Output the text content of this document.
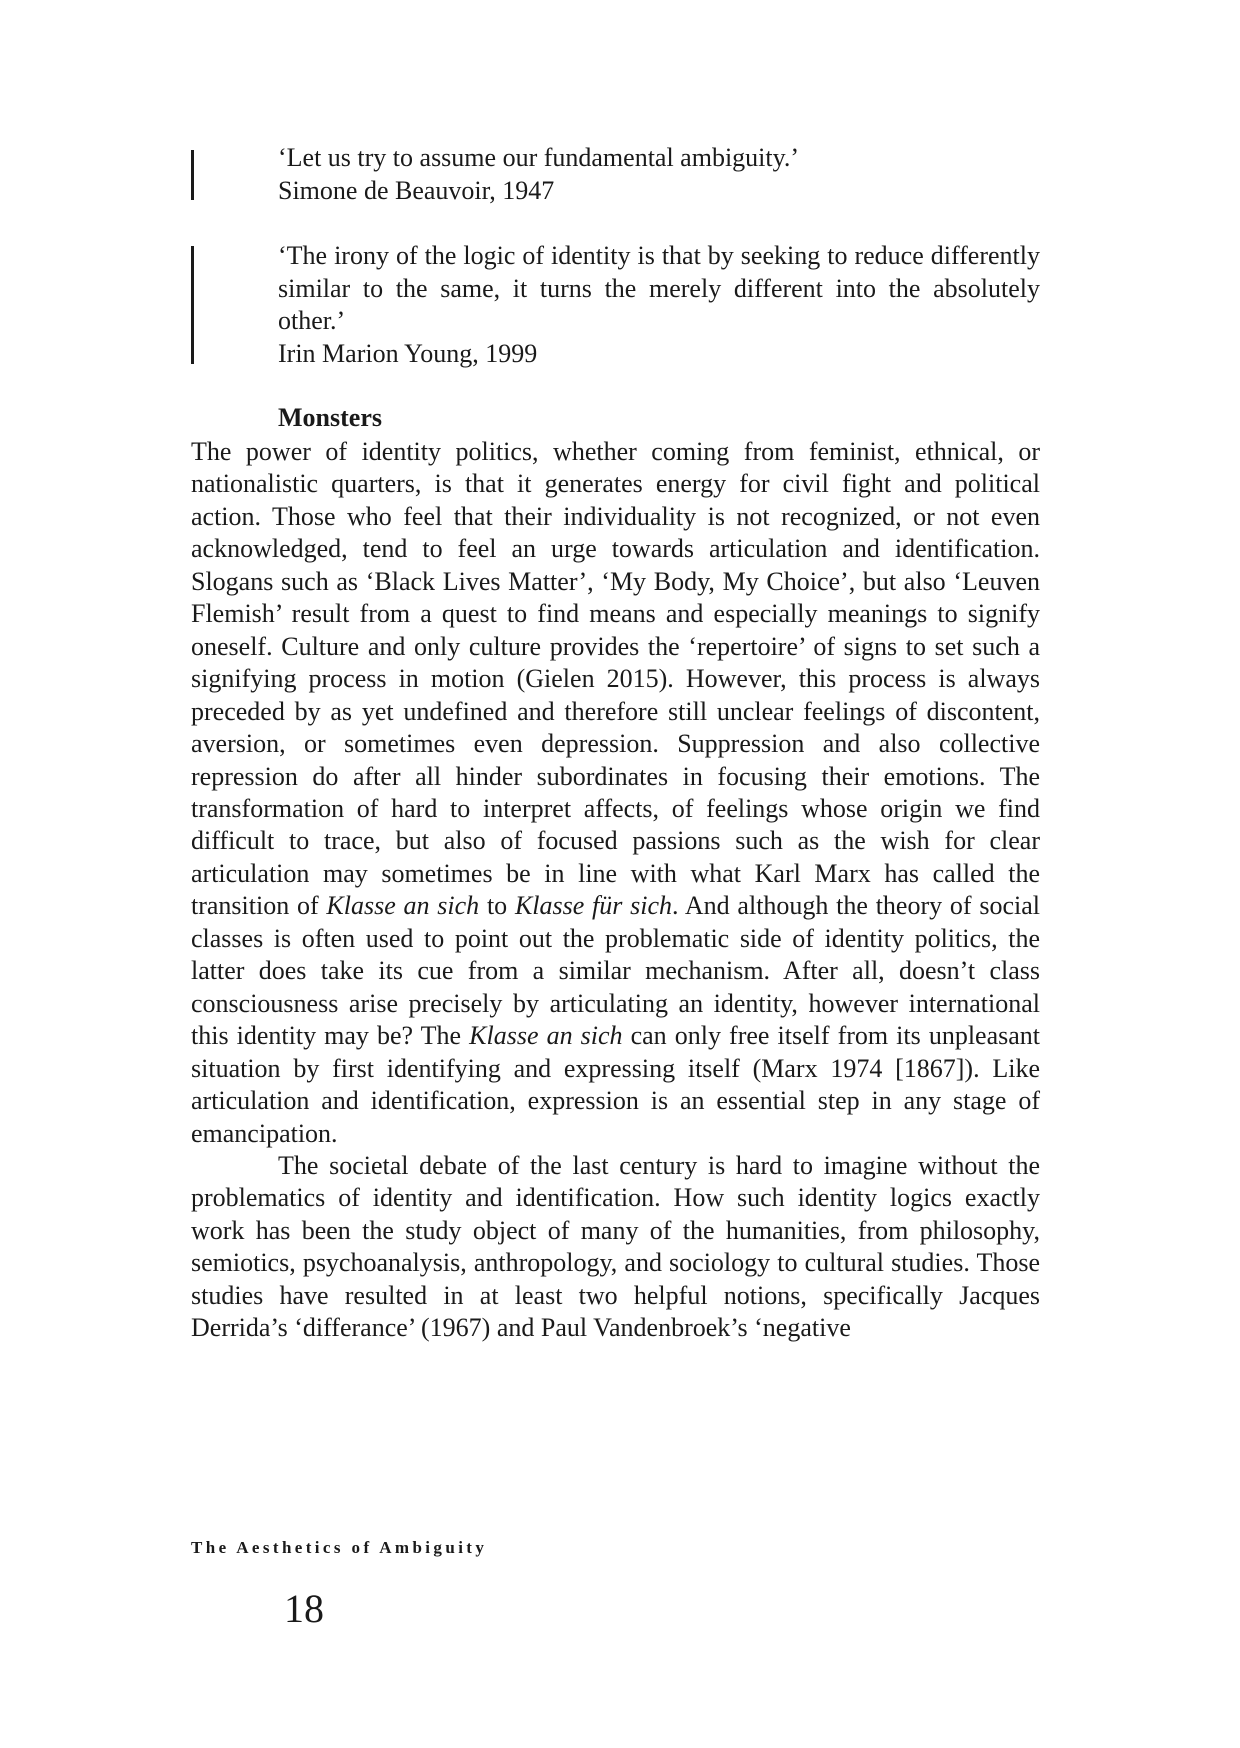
‘Let us try to assume our fundamental ambiguity.’
Simone de Beauvoir, 1947
‘The irony of the logic of identity is that by seeking to reduce differently similar to the same, it turns the merely different into the absolutely other.’
Irin Marion Young, 1999
Monsters

The power of identity politics, whether coming from feminist, ethnical, or nationalistic quarters, is that it generates energy for civil fight and political action. Those who feel that their individuality is not recognized, or not even acknowledged, tend to feel an urge towards articulation and identification. Slogans such as ‘Black Lives Matter’, ‘My Body, My Choice’, but also ‘Leuven Flemish’ result from a quest to find means and especially meanings to signify oneself. Culture and only culture provides the ‘repertoire’ of signs to set such a signifying process in motion (Gielen 2015). However, this process is always preceded by as yet undefined and therefore still unclear feelings of discontent, aversion, or sometimes even depression. Suppression and also collective repression do after all hinder subordinates in focusing their emotions. The transformation of hard to interpret affects, of feelings whose origin we find difficult to trace, but also of focused passions such as the wish for clear articulation may sometimes be in line with what Karl Marx has called the transition of Klasse an sich to Klasse für sich. And although the theory of social classes is often used to point out the problematic side of identity politics, the latter does take its cue from a similar mechanism. After all, doesn’t class consciousness arise precisely by articulating an identity, however international this identity may be? The Klasse an sich can only free itself from its unpleasant situation by first identifying and expressing itself (Marx 1974 [1867]). Like articulation and identification, expression is an essential step in any stage of emancipation.

The societal debate of the last century is hard to imagine without the problematics of identity and identification. How such identity logics exactly work has been the study object of many of the humanities, from philosophy, semiotics, psychoanalysis, anthropology, and sociology to cultural studies. Those studies have resulted in at least two helpful notions, specifically Jacques Derrida’s ‘differance’ (1967) and Paul Vandenbroek’s ‘negative

The Aesthetics of Ambiguity
18
